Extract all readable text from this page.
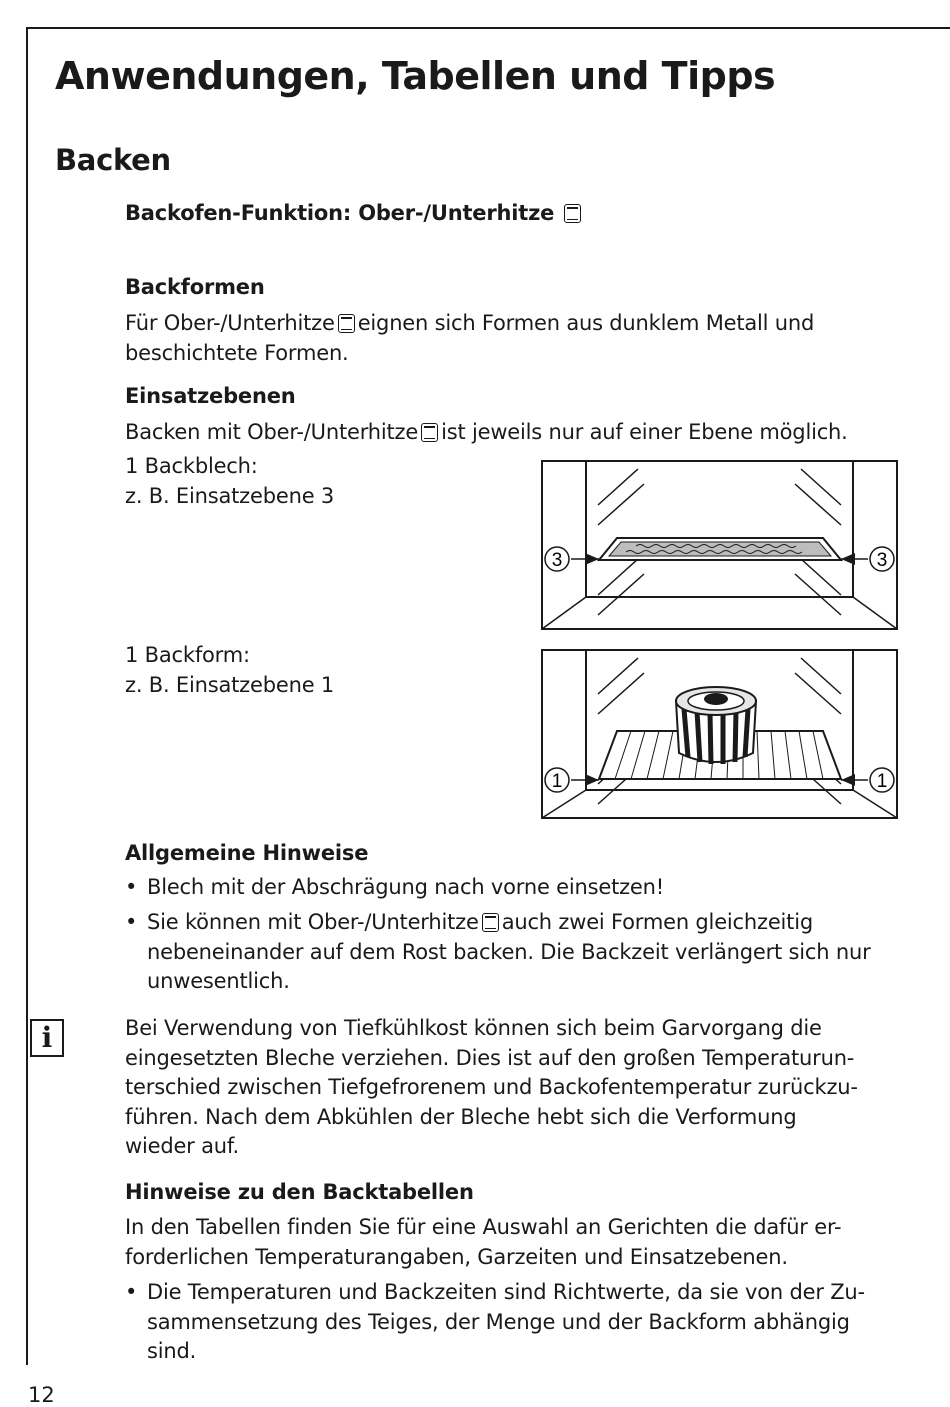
Anwendungen, Tabellen und Tipps
Backen
Backofen-Funktion: Ober-/Unterhitze
Backformen
Für Ober-/Unterhitze eignen sich Formen aus dunklem Metall und
beschichtete Formen.
Einsatzebenen
Backen mit Ober-/Unterhitze ist jeweils nur auf einer Ebene möglich.
1 Backblech:
z. B. Einsatzebene 3
1 Backform:
z. B. Einsatzebene 1
3	3
1	1
Allgemeine Hinweise
• Blech mit der Abschrägung nach vorne einsetzen!
• Sie können mit Ober-/Unterhitze auch zwei Formen gleichzeitig
nebeneinander auf dem Rost backen. Die Backzeit verlängert sich nur
unwesentlich.
i	Bei Verwendung von Tiefkühlkost können sich beim Garvorgang die
eingesetzten Bleche verziehen. Dies ist auf den großen Temperaturun-
terschied zwischen Tiefgefrorenem und Backofentemperatur zurückzu-
führen. Nach dem Abkühlen der Bleche hebt sich die Verformung
wieder auf.
Hinweise zu den Backtabellen
In den Tabellen finden Sie für eine Auswahl an Gerichten die dafür er-
forderlichen Temperaturangaben, Garzeiten und Einsatzebenen.
• Die Temperaturen und Backzeiten sind Richtwerte, da sie von der Zu-
sammensetzung des Teiges, der Menge und der Backform abhängig
sind.
12
